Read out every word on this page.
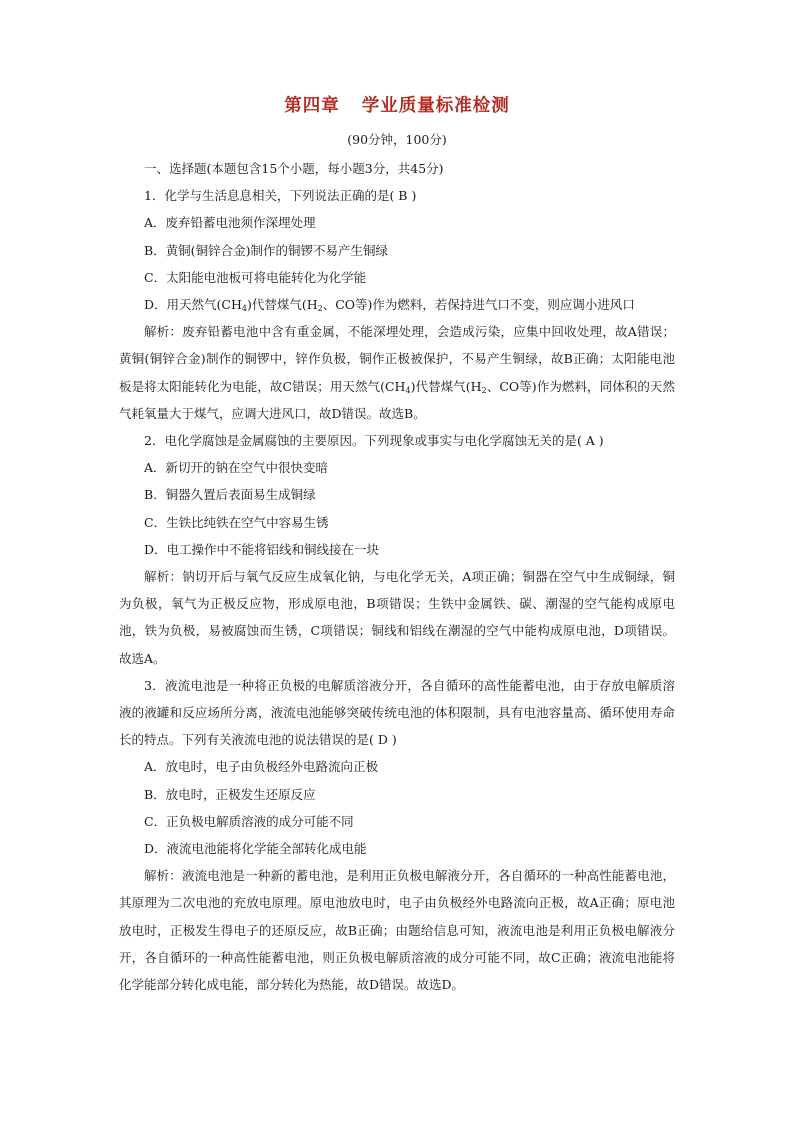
第四章 学业质量标准检测
(90分钟，100分)

一、选择题(本题包含15个小题，每小题3分，共45分)

1．化学与生活息息相关，下列说法正确的是( B )

A．废弃铅蓄电池须作深埋处理

B．黄铜(铜锌合金)制作的铜锣不易产生铜绿

C．太阳能电池板可将电能转化为化学能

D．用天然气$(CH_4)$代替煤气($H_2$、CO等)作为燃料，若保持进气口不变，则应调小进风口

解析：废弃铅蓄电池中含有重金属，不能深埋处理，会造成污染，应集中回收处理，故A错误；黄铜(铜锌合金)制作的铜锣中，锌作负极，铜作正极被保护，不易产生铜绿，故B正确；太阳能电池板是将太阳能转化为电能，故C错误；用天然气$(CH_4)$代替煤气($H_2$、CO等)作为燃料，同体积的天然气耗氧量大于煤气，应调大进风口，故D错误。故选B。

2．电化学腐蚀是金属腐蚀的主要原因。下列现象或事实与电化学腐蚀无关的是( A )

A．新切开的钠在空气中很快变暗

B．铜器久置后表面易生成铜绿

C．生铁比纯铁在空气中容易生锈

D．电工操作中不能将铝线和铜线接在一块

解析：钠切开后与氧气反应生成氧化钠，与电化学无关，A项正确；铜器在空气中生成铜绿，铜为负极，氧气为正极反应物，形成原电池，B项错误；生铁中金属铁、碳、潮湿的空气能构成原电池，铁为负极，易被腐蚀而生锈，C项错误；铜线和铝线在潮湿的空气中能构成原电池，D项错误。故选A。

3．液流电池是一种将正负极的电解质溶液分开，各自循环的高性能蓄电池，由于存放电解质溶液的液罐和反应场所分离，液流电池能够突破传统电池的体积限制，具有电池容量高、循环使用寿命长的特点。下列有关液流电池的说法错误的是( D )

A．放电时，电子由负极经外电路流向正极

B．放电时，正极发生还原反应

C．正负极电解质溶液的成分可能不同

D．液流电池能将化学能全部转化成电能

解析：液流电池是一种新的蓄电池，是利用正负极电解液分开，各自循环的一种高性能蓄电池，其原理为二次电池的充放电原理。原电池放电时，电子由负极经外电路流向正极，故A正确；原电池放电时，正极发生得电子的还原反应，故B正确；由题给信息可知，液流电池是利用正负极电解液分开，各自循环的一种高性能蓄电池，则正负极电解质溶液的成分可能不同，故C正确；液流电池能将化学能部分转化成电能，部分转化为热能，故D错误。故选D。
